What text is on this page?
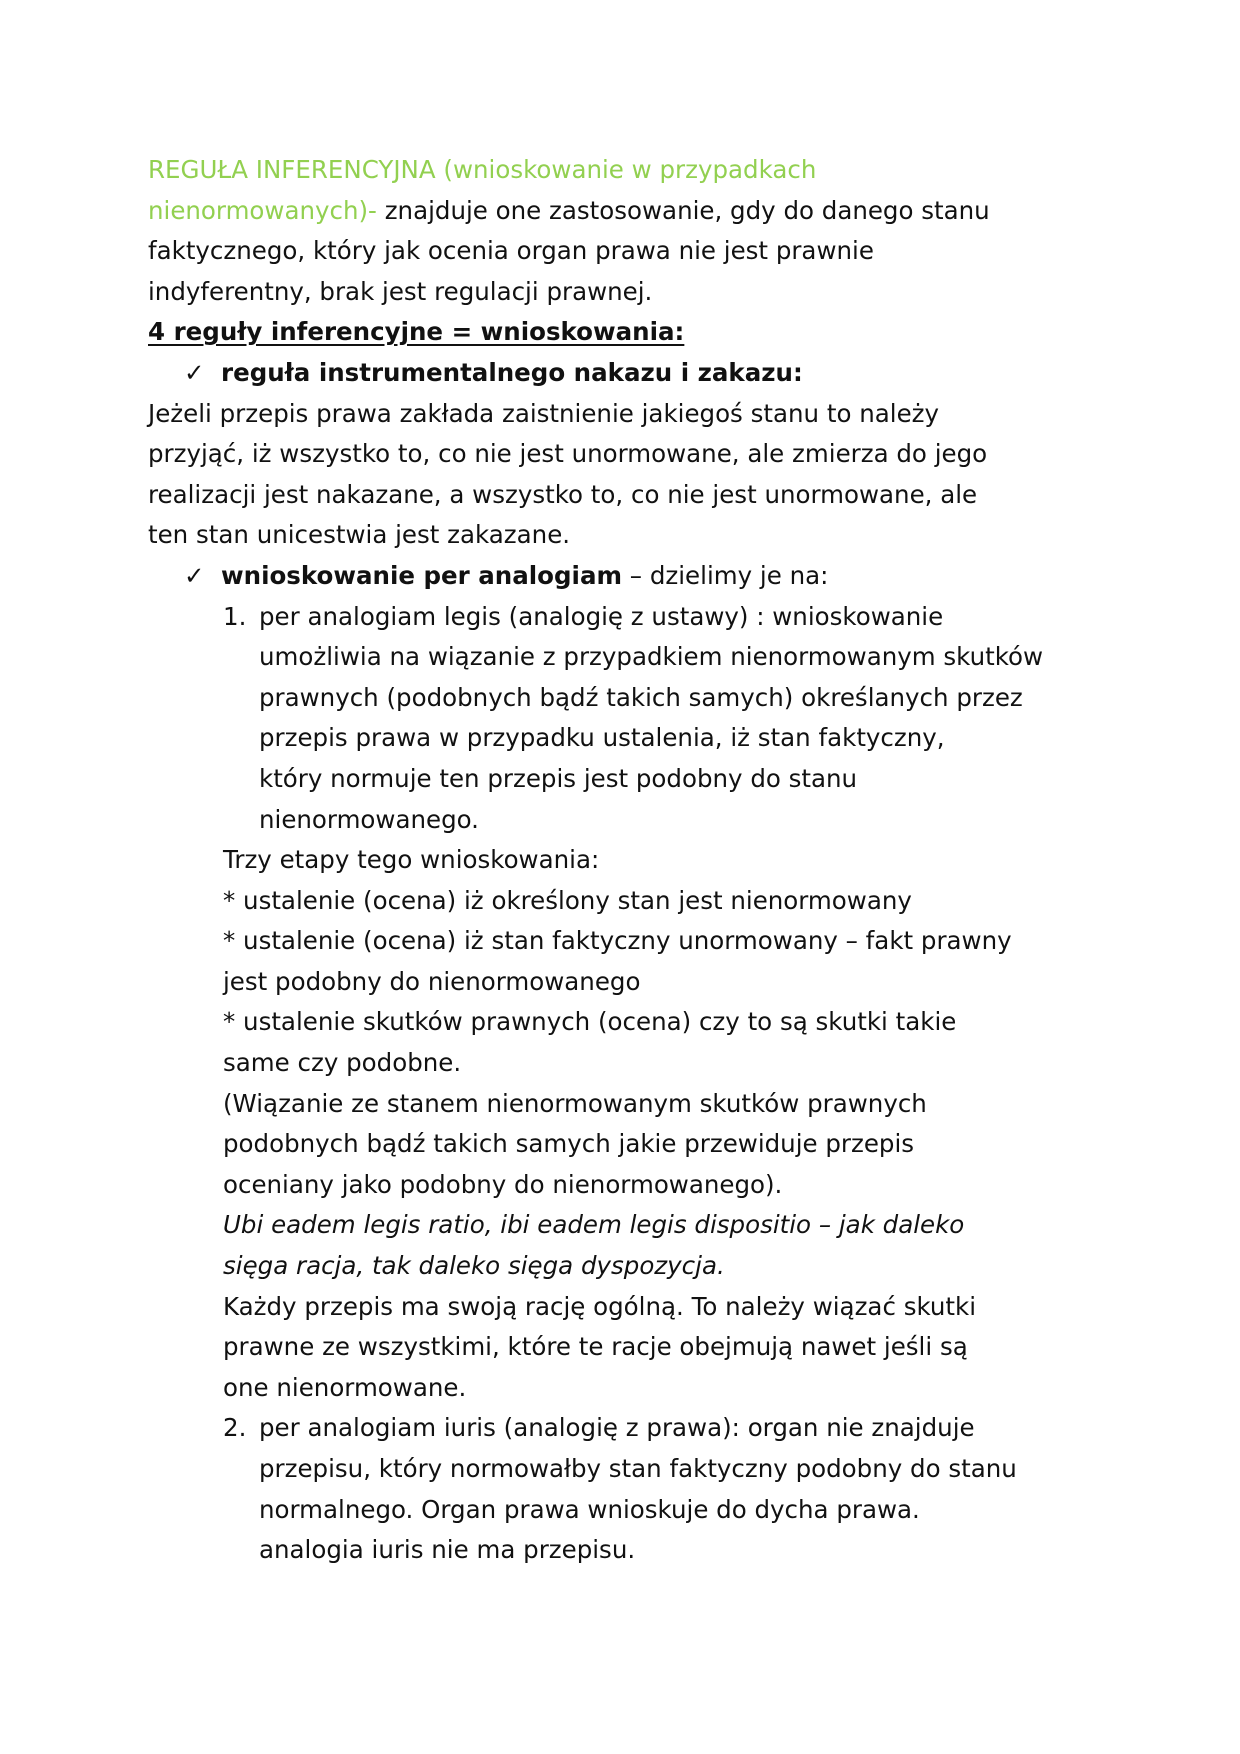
REGUŁA INFERENCYJNA (wnioskowanie w przypadkach
nienormowanych)- znajduje one zastosowanie, gdy do danego stanu
faktycznego, który jak ocenia organ prawa nie jest prawnie
indyferentny, brak jest regulacji prawnej.
4 reguły inferencyjne = wnioskowania:
✓ reguła instrumentalnego nakazu i zakazu:
Jeżeli przepis prawa zakłada zaistnienie jakiegoś stanu to należy
przyjąć, iż wszystko to, co nie jest unormowane, ale zmierza do jego
realizacji jest nakazane, a wszystko to, co nie jest unormowane, ale
ten stan unicestwia jest zakazane.
✓ wnioskowanie per analogiam – dzielimy je na:
1. per analogiam legis (analogię z ustawy) : wnioskowanie
umożliwia na wiązanie z przypadkiem nienormowanym skutków
prawnych (podobnych bądź takich samych) określanych przez
przepis prawa w przypadku ustalenia, iż stan faktyczny,
który normuje ten przepis jest podobny do stanu
nienormowanego.
Trzy etapy tego wnioskowania:
* ustalenie (ocena) iż określony stan jest nienormowany
* ustalenie (ocena) iż stan faktyczny unormowany – fakt prawny
jest podobny do nienormowanego
* ustalenie skutków prawnych (ocena) czy to są skutki takie
same czy podobne.
(Wiązanie ze stanem nienormowanym skutków prawnych
podobnych bądź takich samych jakie przewiduje przepis
oceniany jako podobny do nienormowanego).
Ubi eadem legis ratio, ibi eadem legis dispositio – jak daleko
sięga racja, tak daleko sięga dyspozycja.
Każdy przepis ma swoją rację ogólną. To należy wiązać skutki
prawne ze wszystkimi, które te racje obejmują nawet jeśli są
one nienormowane.
2. per analogiam iuris (analogię z prawa): organ nie znajduje
przepisu, który normowałby stan faktyczny podobny do stanu
normalnego. Organ prawa wnioskuje do dycha prawa.
analogia iuris nie ma przepisu.
